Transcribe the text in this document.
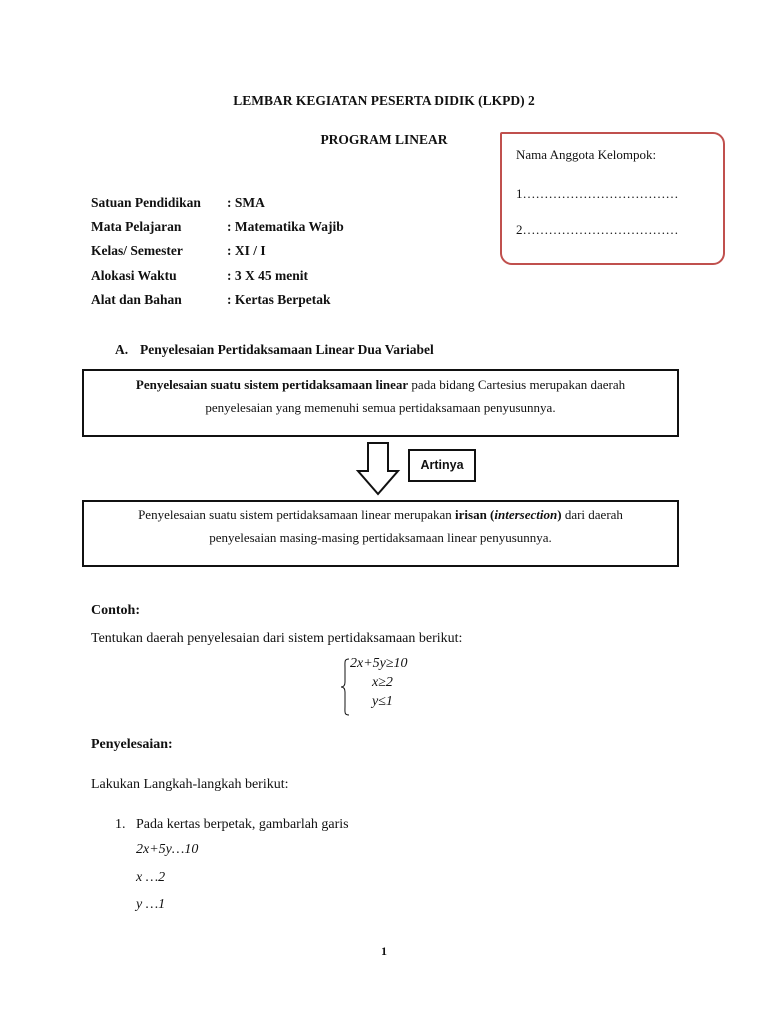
LEMBAR KEGIATAN PESERTA DIDIK (LKPD) 2
PROGRAM LINEAR
Nama Anggota Kelompok:
1………………………………
2………………………………
Satuan Pendidikan	: SMA
Mata Pelajaran	: Matematika Wajib
Kelas/ Semester	: XI / I
Alokasi Waktu	: 3 X 45 menit
Alat dan Bahan	: Kertas Berpetak
A. Penyelesaian Pertidaksamaan Linear Dua Variabel
Penyelesaian suatu sistem pertidaksamaan linear pada bidang Cartesius merupakan daerah
penyelesaian yang memenuhi semua pertidaksamaan penyusunnya.
Artinya
Penyelesaian suatu sistem pertidaksamaan linear merupakan irisan (intersection) dari daerah
penyelesaian masing-masing pertidaksamaan linear penyusunnya.
Contoh:
Tentukan daerah penyelesaian dari sistem pertidaksamaan berikut:
2x+5y≥10
x≥2
y≤1
Penyelesaian:
Lakukan Langkah-langkah berikut:
1. Pada kertas berpetak, gambarlah garis
2x+5y…10
x …2
y …1
1
